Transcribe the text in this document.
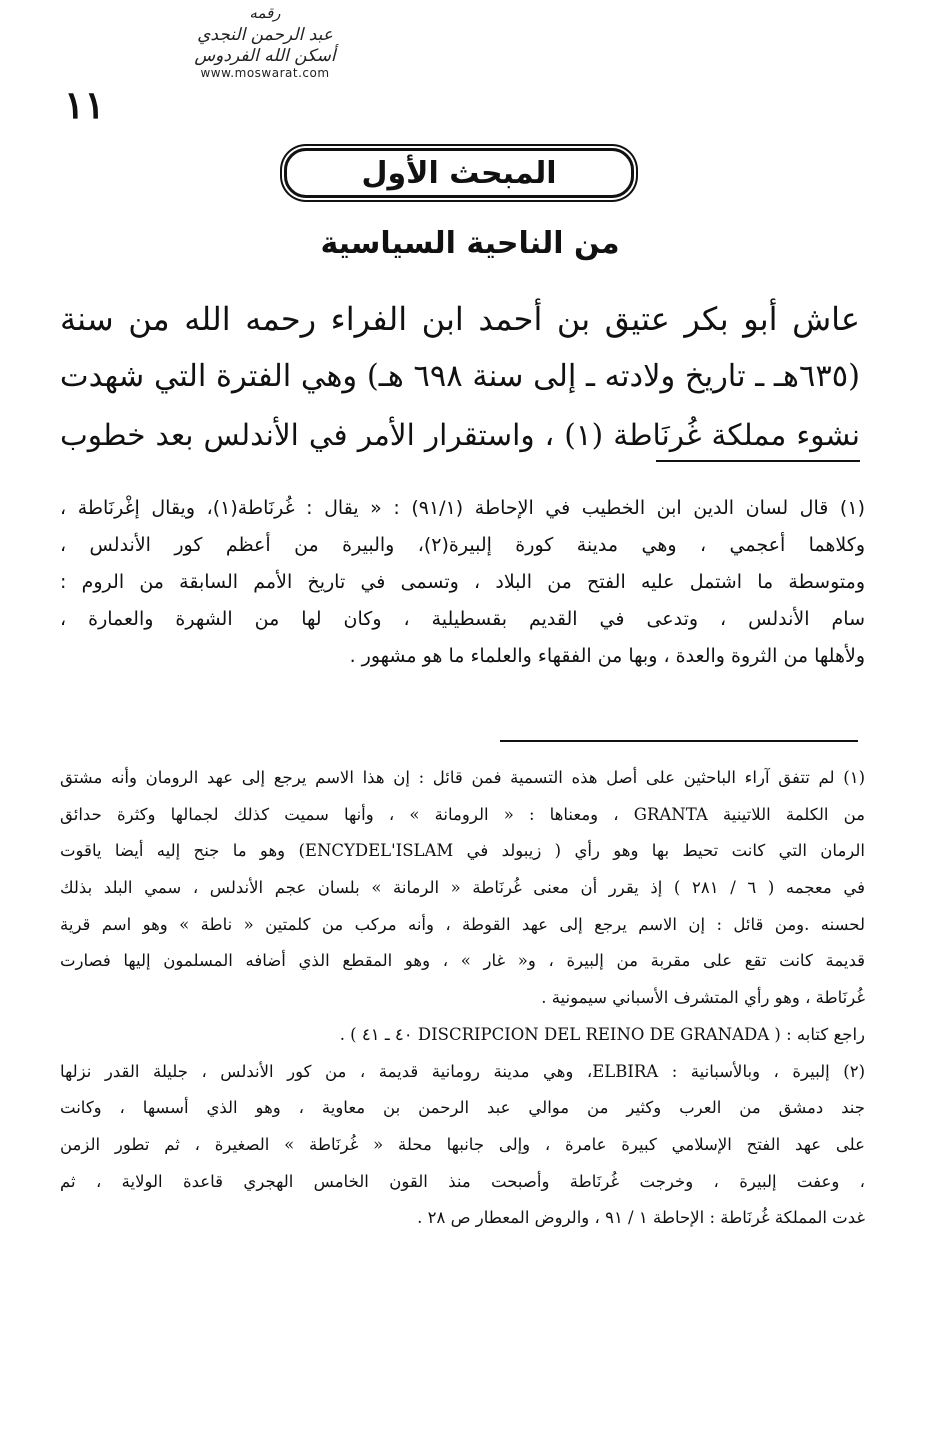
رقمه
عبد الرحمن النجدي
أسكن الله الفردوس
www.moswarat.com
١١
المبحث الأول
من الناحية السياسية
عاش أبو بكر عتيق بن أحمد ابن الفراء رحمه الله من سنة
(٦٣٥هـ ـ تاريخ ولادته ـ إلى سنة ٦٩٨ هـ) وهي الفترة التي شهدت
نشوء مملكة غُرنَاطة (١) ، واستقرار الأمر في الأندلس بعد خطوب
(١) قال لسان الدين ابن الخطيب في الإحاطة (٩١/١) : « يقال : غُرنَاطة(١)، ويقال إغْرنَاطة ،
وكلاهما أعجمي ، وهي مدينة كورة إلبيرة(٢)، والبيرة من أعظم كور الأندلس ،
ومتوسطة ما اشتمل عليه الفتح من البلاد ، وتسمى في تاريخ الأمم السابقة من الروم :
سام الأندلس ، وتدعى في القديم بقسطيلية ، وكان لها من الشهرة والعمارة ،
ولأهلها من الثروة والعدة ، وبها من الفقهاء والعلماء ما هو مشهور .
(١) لم تتفق آراء الباحثين على أصل هذه التسمية فمن قائل : إن هذا الاسم يرجع إلى عهد الرومان وأنه مشتق
من الكلمة اللاتينية GRANTA ، ومعناها : « الرومانة » ، وأنها سميت كذلك لجمالها وكثرة حدائق
الرمان التي كانت تحيط بها وهو رأي ( زيبولد في ENCYDEL'ISLAM) وهو ما جنح إليه أيضا ياقوت
في معجمه ( ٦ / ٢٨١ ) إذ يقرر أن معنى غُرنَاطة « الرمانة » بلسان عجم الأندلس ، سمي البلد بذلك
لحسنه .ومن قائل : إن الاسم يرجع إلى عهد القوطة ، وأنه مركب من كلمتين « ناطة » وهو اسم قرية
قديمة كانت تقع على مقربة من إلبيرة ، و« غار » ، وهو المقطع الذي أضافه المسلمون إليها فصارت
غُرنَاطة ، وهو رأي المتشرف الأسباني سيمونية .
راجع كتابه : ( DISCRIPCION DEL REINO DE GRANADA ٤٠ ـ ٤١ ) .
(٢) إلبيرة ، وبالأسبانية : ELBIRA، وهي مدينة رومانية قديمة ، من كور الأندلس ، جليلة القدر نزلها
جند دمشق من العرب وكثير من موالي عبد الرحمن بن معاوية ، وهو الذي أسسها ، وكانت
على عهد الفتح الإسلامي كبيرة عامرة ، وإلى جانبها محلة « غُرنَاطة » الصغيرة ، ثم تطور الزمن
، وعفت إلبيرة ، وخرجت غُرنَاطة وأصبحت منذ القون الخامس الهجري قاعدة الولاية ، ثم
غدت المملكة غُرنَاطة : الإحاطة ١ / ٩١ ، والروض المعطار ص ٢٨ .
